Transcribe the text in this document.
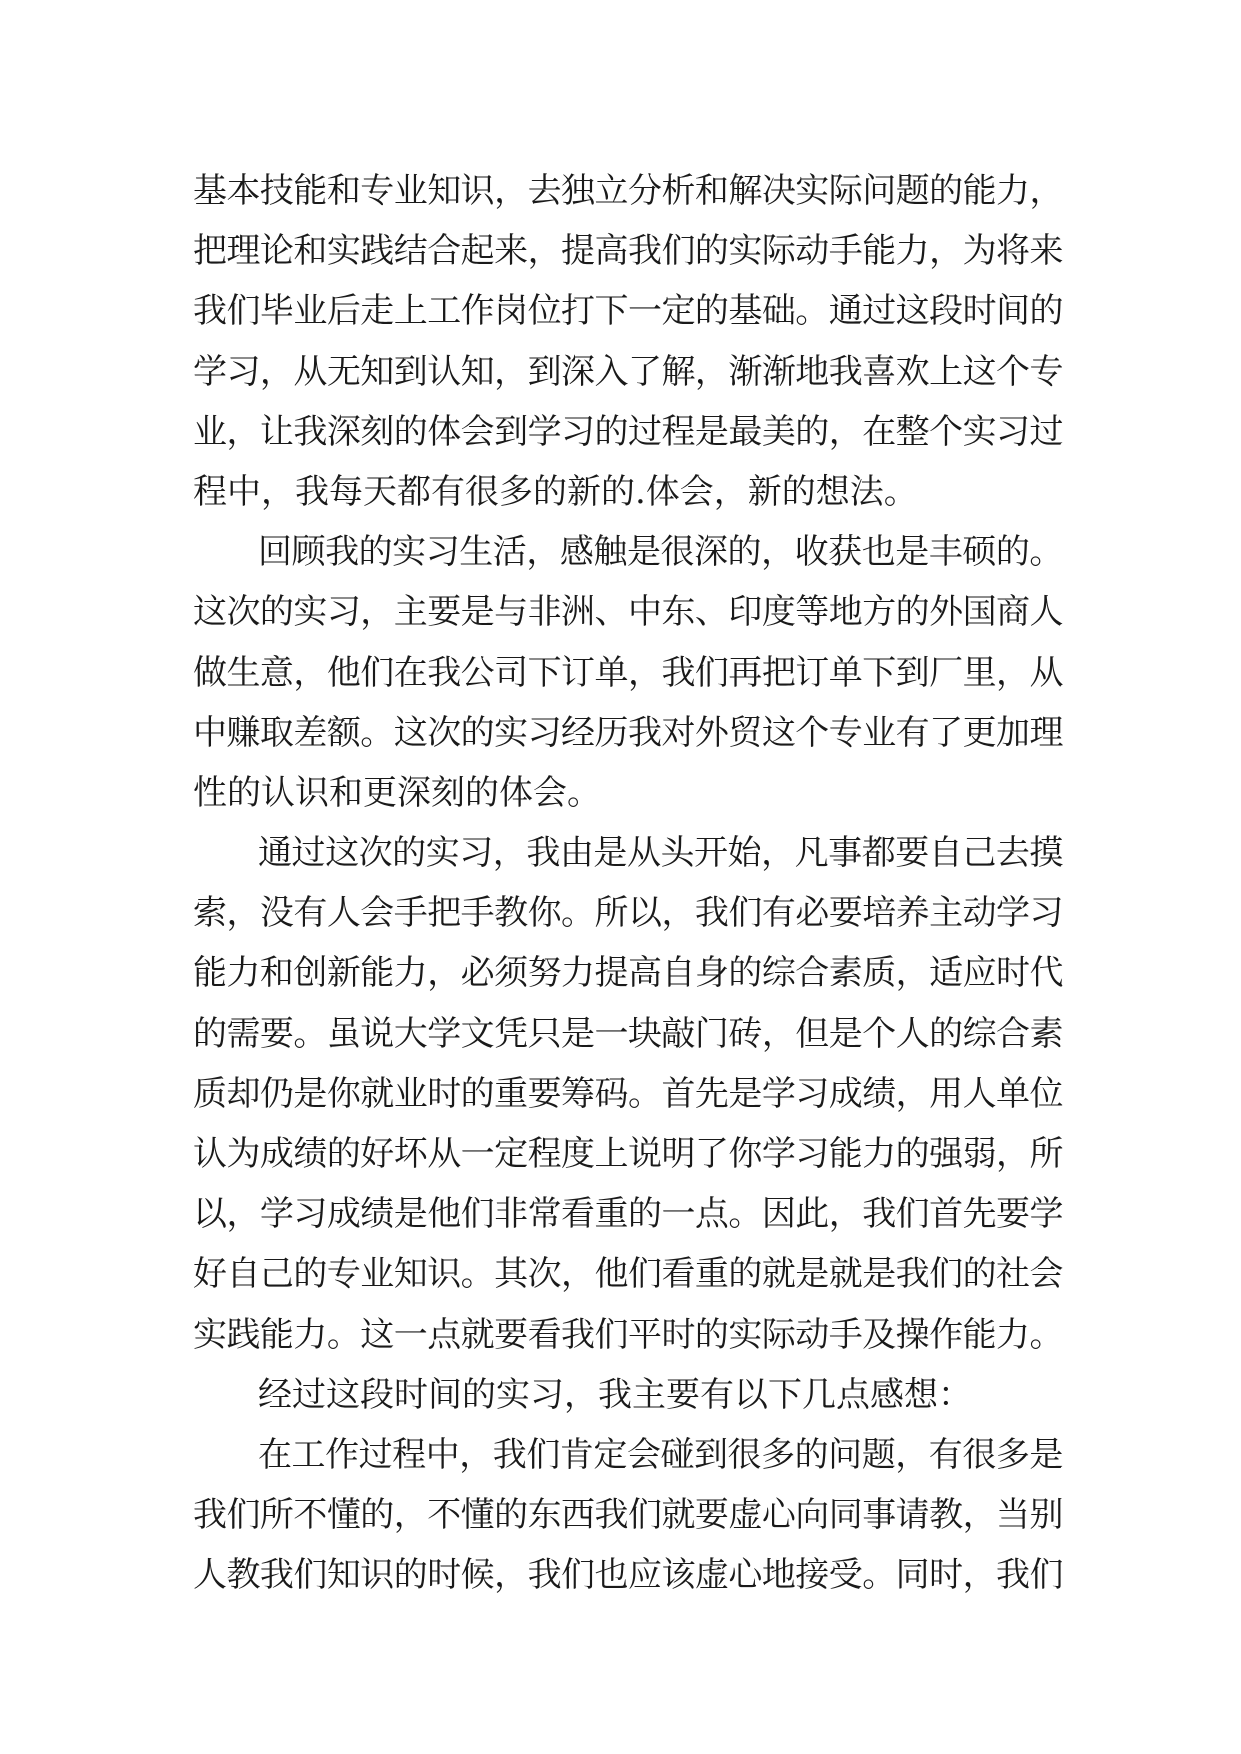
基本技能和专业知识，去独立分析和解决实际问题的能力，
把理论和实践结合起来，提高我们的实际动手能力，为将来
我们毕业后走上工作岗位打下一定的基础。通过这段时间的
学习，从无知到认知，到深入了解，渐渐地我喜欢上这个专
业，让我深刻的体会到学习的过程是最美的，在整个实习过
程中，我每天都有很多的新的.体会，新的想法。
回顾我的实习生活，感触是很深的，收获也是丰硕的。
这次的实习，主要是与非洲、中东、印度等地方的外国商人
做生意，他们在我公司下订单，我们再把订单下到厂里，从
中赚取差额。这次的实习经历我对外贸这个专业有了更加理
性的认识和更深刻的体会。
通过这次的实习，我由是从头开始，凡事都要自己去摸
索，没有人会手把手教你。所以，我们有必要培养主动学习
能力和创新能力，必须努力提高自身的综合素质，适应时代
的需要。虽说大学文凭只是一块敲门砖，但是个人的综合素
质却仍是你就业时的重要筹码。首先是学习成绩，用人单位
认为成绩的好坏从一定程度上说明了你学习能力的强弱，所
以，学习成绩是他们非常看重的一点。因此，我们首先要学
好自己的专业知识。其次，他们看重的就是就是我们的社会
实践能力。这一点就要看我们平时的实际动手及操作能力。
经过这段时间的实习，我主要有以下几点感想：
在工作过程中，我们肯定会碰到很多的问题，有很多是
我们所不懂的，不懂的东西我们就要虚心向同事请教，当别
人教我们知识的时候，我们也应该虚心地接受。同时，我们
